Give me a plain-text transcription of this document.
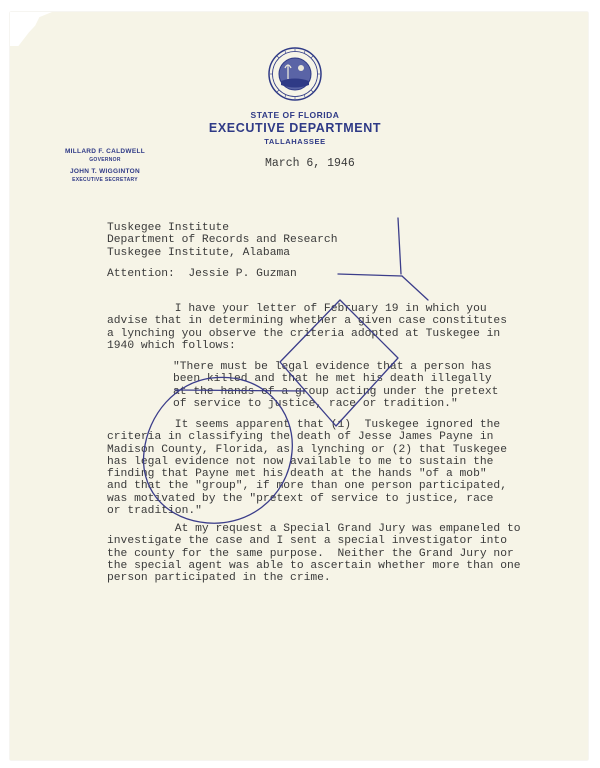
STATE OF FLORIDA
EXECUTIVE DEPARTMENT
TALLAHASSEE
MILLARD F. CALDWELL
GOVERNOR
JOHN T. WIGGINTON
EXECUTIVE SECRETARY
March 6, 1946
Tuskegee Institute
Department of Records and Research
Tuskegee Institute, Alabama
Attention:  Jessie P. Guzman
I have your letter of February 19 in which you
advise that in determining whether a given case constitutes
a lynching you observe the criteria adopted at Tuskegee in
1940 which follows:
"There must be legal evidence that a person has
been killed and that he met his death illegally
at the hands of a group acting under the pretext
of service to justice, race or tradition."
It seems apparent that (1)  Tuskegee ignored the
criteria in classifying the death of Jesse James Payne in
Madison County, Florida, as a lynching or (2) that Tuskegee
has legal evidence not now available to me to sustain the
finding that Payne met his death at the hands "of a mob"
and that the "group", if more than one person participated,
was motivated by the "pretext of service to justice, race
or tradition."
At my request a Special Grand Jury was empaneled to
investigate the case and I sent a special investigator into
the county for the same purpose.  Neither the Grand Jury nor
the special agent was able to ascertain whether more than one
person participated in the crime.
